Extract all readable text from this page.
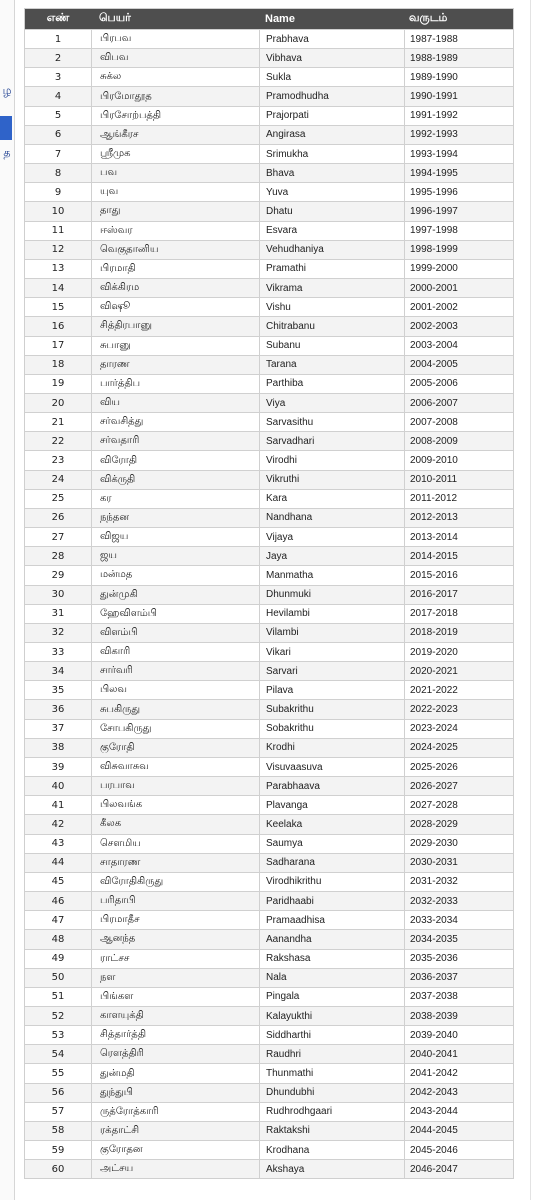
ழ
த
எண்	பெயர்	Name	வருடம்
1	பிரபவ	Prabhava	1987-1988
2	விபவ	Vibhava	1988-1989
3	சுக்ல	Sukla	1989-1990
4	பிரமோதூத	Pramodhudha	1990-1991
5	பிரசோற்பத்தி	Prajorpati	1991-1992
6	ஆங்கீரச	Angirasa	1992-1993
7	ஸ்ரீமுக	Srimukha	1993-1994
8	பவ	Bhava	1994-1995
9	யுவ	Yuva	1995-1996
10	தாது	Dhatu	1996-1997
11	ஈஸ்வர	Esvara	1997-1998
12	வெகுதானிய	Vehudhaniya	1998-1999
13	பிரமாதி	Pramathi	1999-2000
14	விக்கிரம	Vikrama	2000-2001
15	விஷூ	Vishu	2001-2002
16	சித்திரபானு	Chitrabanu	2002-2003
17	சுபானு	Subanu	2003-2004
18	தாரண	Tarana	2004-2005
19	பார்த்திப	Parthiba	2005-2006
20	விய	Viya	2006-2007
21	சர்வசித்து	Sarvasithu	2007-2008
22	சர்வதாரி	Sarvadhari	2008-2009
23	விரோதி	Virodhi	2009-2010
24	விக்ருதி	Vikruthi	2010-2011
25	கர	Kara	2011-2012
26	நந்தன	Nandhana	2012-2013
27	விஜய	Vijaya	2013-2014
28	ஜய	Jaya	2014-2015
29	மன்மத	Manmatha	2015-2016
30	துன்முகி	Dhunmuki	2016-2017
31	ஹேவிளம்பி	Hevilambi	2017-2018
32	விளம்பி	Vilambi	2018-2019
33	விகாரி	Vikari	2019-2020
34	சார்வரி	Sarvari	2020-2021
35	பிலவ	Pilava	2021-2022
36	சுபகிருது	Subakrithu	2022-2023
37	சோபகிருது	Sobakrithu	2023-2024
38	குரோதி	Krodhi	2024-2025
39	விசுவாசுவ	Visuvaasuva	2025-2026
40	பரபாவ	Parabhaava	2026-2027
41	பிலவங்க	Plavanga	2027-2028
42	கீலக	Keelaka	2028-2029
43	சௌமிய	Saumya	2029-2030
44	சாதாரண	Sadharana	2030-2031
45	விரோதிகிருது	Virodhikrithu	2031-2032
46	பரிதாபி	Paridhaabi	2032-2033
47	பிரமாதீச	Pramaadhisa	2033-2034
48	ஆனந்த	Aanandha	2034-2035
49	ராட்சச	Rakshasa	2035-2036
50	நள	Nala	2036-2037
51	பிங்கள	Pingala	2037-2038
52	காளயுக்தி	Kalayukthi	2038-2039
53	சித்தார்த்தி	Siddharthi	2039-2040
54	ரௌத்திரி	Raudhri	2040-2041
55	துன்மதி	Thunmathi	2041-2042
56	துந்துபி	Dhundubhi	2042-2043
57	ருத்ரோத்காரி	Rudhrodhgaari	2043-2044
58	ரக்தாட்சி	Raktakshi	2044-2045
59	குரோதன	Krodhana	2045-2046
60	அட்சய	Akshaya	2046-2047
